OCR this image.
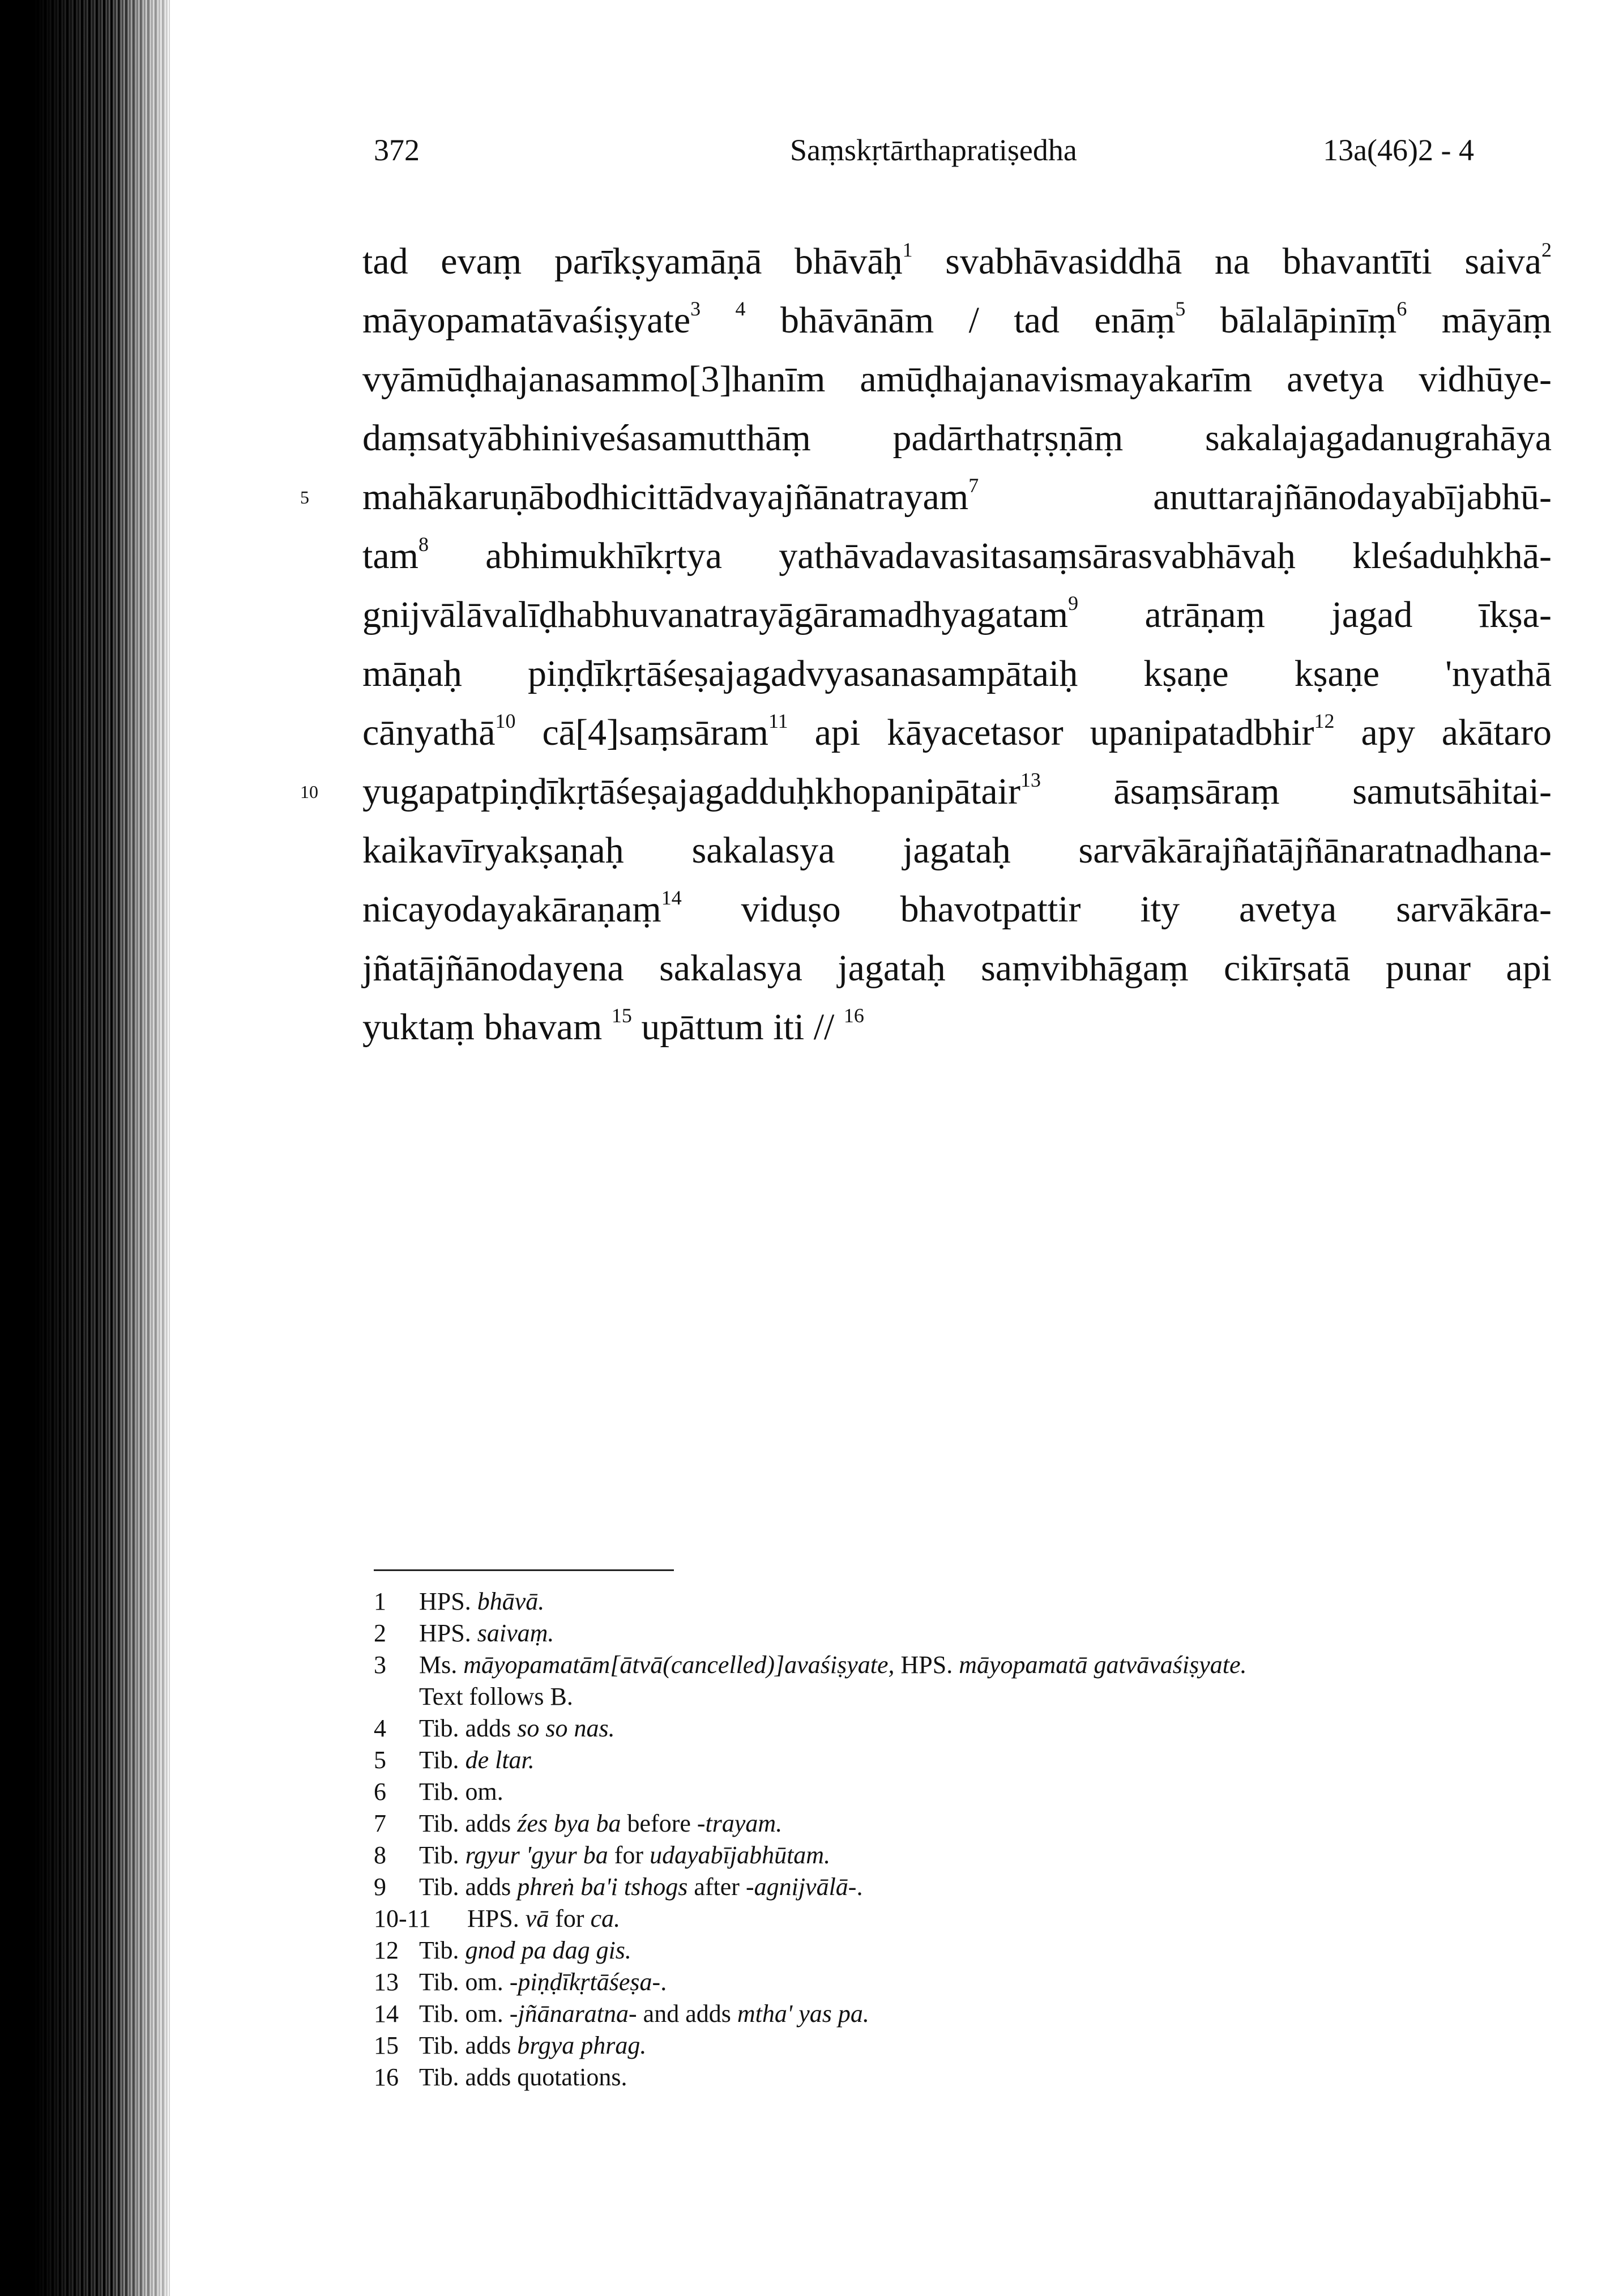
372	Saṃskṛtārthapratiṣedha	13a(46)2 - 4
tad evaṃ parīkṣyamāṇā bhāvāḥ$^1$ svabhāvasiddhā na bhavantīti saiva$^2$
māyopamatāvaśiṣyate$^3$ $^4$ bhāvānām / tad enāṃ$^5$ bālalāpinīṃ$^6$ māyāṃ
vyāmūḍhajanasammo[3]hanīm amūḍhajanavismayakarīm avetya vidhūye-
daṃsatyābhiniveśasamutthāṃ padārthatṛṣṇāṃ sakalajagadanugrahāya
5	mahākaruṇābodhicittādvayajñānatrayam$^7$ anuttarajñānodayabījabhū-
tam$^8$ abhimukhīkṛtya yathāvadavasitasaṃsārasvabhāvaḥ kleśaduḥkhā-
gnijvālāvalīḍhabhuvanatrayāgāramadhyagatam$^9$ atrāṇaṃ jagad īkṣa-
māṇaḥ piṇḍīkṛtāśeṣajagadvyasanasampātaiḥ kṣaṇe kṣaṇe 'nyathā
cānyathā$^{10}$ cā[4]saṃsāram$^{11}$ api kāyacetasor upanipatadbhir$^{12}$ apy akātaro
10 yugapatpiṇḍīkṛtāśeṣajagadduḥkhopanipātair$^{13}$ āsaṃsāraṃ samutsāhitai-
kaikavīryakṣaṇaḥ sakalasya jagataḥ sarvākārajñatājñānaratnadhana-
nicayodayakāraṇaṃ$^{14}$ viduṣo bhavotpattir ity avetya sarvākāra-
jñatājñānodayena sakalasya jagataḥ saṃvibhāgaṃ cikīrṣatā punar api
yuktaṃ bhavam $^{15}$ upāttum iti // $^{16}$
1 HPS. bhāvā.
2 HPS. saivaṃ.
3 Ms. māyopamatām[ātvā(cancelled)]avaśiṣyate, HPS. māyopamatā gatvāvaśiṣyate.
Text follows B.
4 Tib. adds so so nas.
5 Tib. de ltar.
6 Tib. om.
7 Tib. adds źes bya ba before -trayam.
8 Tib. rgyur 'gyur ba for udayabījabhūtam.
9 Tib. adds phreṅ ba'i tshogs after -agnijvālā-.
10-11 HPS. vā for ca.
12 Tib. gnod pa dag gis.
13 Tib. om. -piṇḍīkṛtāśeṣa-.
14 Tib. om. -jñānaratna- and adds mtha' yas pa.
15 Tib. adds brgya phrag.
16 Tib. adds quotations.
